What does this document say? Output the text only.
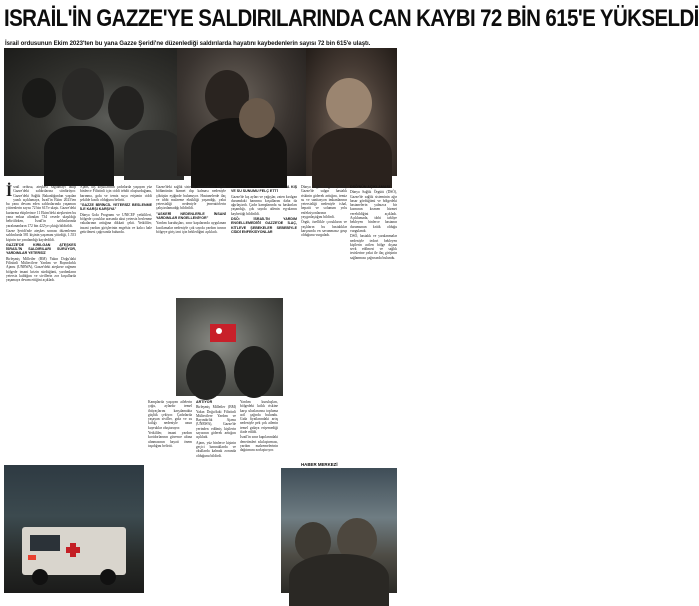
ISRAİL'İN GAZZE'YE SALDIRILARINDA CAN KAYBI 72 BİN 615'E YÜKSELDİ
İsrail ordusunun Ekim 2023'ten bu yana Gazze Şeridi'ne düzenlediği saldırılarda hayatını kaybedenlerin sayısı 72 bin 615'e ulaştı.

İsrail ordusu, ateşkesi sağlamayı takip Gazze'deki saldırılarına sürdürüyor. Gazze'deki Sağlık Bakanlığından yapılan yazılı açıklamaya, İsrail'in Ekim 2023'ten bu yana devam eden saldırılarında yaşamını yitirenlerin sayısı 72 bin 615'e ulaştı. Gazze'deki kurtarma ekiplerince 11 Ekim'deki ateşkesten bu yana enkaz altından 734 cesede ulaşıldığı belirtilirken, İsrail'in saldırılarında yaralananların 172 bin 422'ye çıktığı bildirildi.

Gazze Şeridi'nde ateşkes sonrası düzenlenen saldırılarda 581 kişinin yaşamını yitirdiği, 1.553 kişinin ise yaralandığı kaydedildi.

GAZZE'DE KIRILGAN ATEŞKES İSRAİL'İN SALDIRILARI SÜRÜYOR, YARDIMLAR YETERSİZ

Birleşmiş Milletler (BM) Yakın Doğu'daki Filistinli Mültecilere Yardım ve Bayındırlık Ajansı (UNRWA), Gazze'deki ateşkese rağmen bölgede insani krizin sürdüğünü, yardımların yetersiz kaldığını ve sivillerin zor koşullarda yaşamaya devam ettiğini açıkladı.

Ajans, kış koşullarının çadırlarda yaşayan yüz binlerce Filistinli için ciddi tehdit oluşturduğunu, barınma, gıda ve temiz suya erişimin ciddi şekilde kısıtlı olduğunu belirtti.

"GAZZE BİRİNCİL YETERSİZ BESLENME İLE KARŞI KARŞIYA"

Dünya Gıda Programı ve UNICEF yetkilileri, bölgede çocuklar arasında akut yetersiz beslenme vakalarının arttığına dikkati çekti. Yetkililer, insani yardım girişlerinin engelsiz ve kalıcı hale getirilmesi çağrısında bulundu.

Gazze'deki sağlık sistemi, hastanelerin büyük bölümünün hizmet dışı kalması nedeniyle çöküşün eşiğinde bulunuyor. Hastanelerde ilaç ve tıbbi malzeme eksikliği yaşandığı, yakıt yetersizliği nedeniyle jeneratörlerin çalıştırılamadığı bildirildi.

"ASKERİ NEDENLERLE İNSANİ YARDIMLAR ENGELLENİYOR"

Yardım kuruluşları, sınır kapılarında uygulanan kısıtlamalar nedeniyle çok sayıda yardım tırının bölgeye giriş izni için beklediğini açıkladı.

GAZZE'DE SAĞLIK ALANLARINA KIŞ VE SU SUNUMU FELÇ ETTİ

Gazze'de kış ayları ve yağışlar, zaten kırılgan durumdaki barınma koşullarını daha da ağırlaştırdı. Çadır kamplarında su baskınları yaşandığı, çok sayıda ailenin eşyalarını kaybettiği bildirildi.

DSÖ: İSRAİL'İN YARDIM ENGELLEMEDİĞİ GAZZE'DE İLAÇ, KİTLEVE ŞEBEKELER SEBEBİYLE CİDDİ ENFEKSİYONLAR

Dünya Sağlık Örgütü (DSÖ), Gazze'de salgın hastalık riskinin giderek arttığını, temiz su ve sanitasyon imkanlarının yetersizliği nedeniyle ishal, hepatit ve solunum yolu enfeksiyonlarının yaygınlaştığını bildirdi.

Örgüt, özellikle çocukların ve yaşlıların bu hastalıklar karşısında en savunmasız grup olduğunu vurguladı.

DSÖ'NÜN AÇIKLAMASI

Dünya Sağlık Örgütü (DSÖ), Gazze'de sağlık sisteminin ağır hasar gördüğünü ve bölgedeki hastanelerin yalnızca bir kısmının kısmen hizmet verebildiğini açıkladı. Açıklamada, tıbbi tahliye bekleyen binlerce hastanın durumunun kritik olduğu vurgulandı.

DSÖ, hastalık ve yaralanmalar nedeniyle tedavi bekleyen kişilerin acilen bölge dışına sevk edilmesi ve sağlık tesislerine yakıt ile ilaç girişinin sağlanması çağrısında bulundu.

Kamplarda yaşayan ailelerin çoğu, aylardır temel ihtiyaçlarını karşılamakta güçlük çekiyor. Çadırlarda yaşayan siviller, gıda ve su kıtlığı nedeniyle uzun kuyruklar oluşturuyor.

Yetkililer, insani yardım koridorlarının güvence altına alınmasının hayati önem taşıdığını belirtti.

ARTIYOR

Birleşmiş Milletler (BM) Yakın Doğu'daki Filistinli Mültecilere Yardım ve Bayındırlık Ajansı (UNRWA), Gazze'de yerinden edilmiş kişilerin sayısının giderek arttığını açıkladı.

Ajans, yüz binlerce kişinin geçici barınaklarda ve okullarda kalmak zorunda olduğunu bildirdi.

Yardım kuruluşları, bölgedeki kıtlık riskine karşı uluslararası topluma acil çağrıda bulundu. Gıda fiyatlarındaki artış nedeniyle pek çok ailenin temel gıdaya erişemediği ifade edildi.

İsrail'in sınır kapılarındaki denetimleri sıkılaştırması, yardım malzemelerinin dağıtımını zorlaştırıyor.

HABER MERKEZİ
